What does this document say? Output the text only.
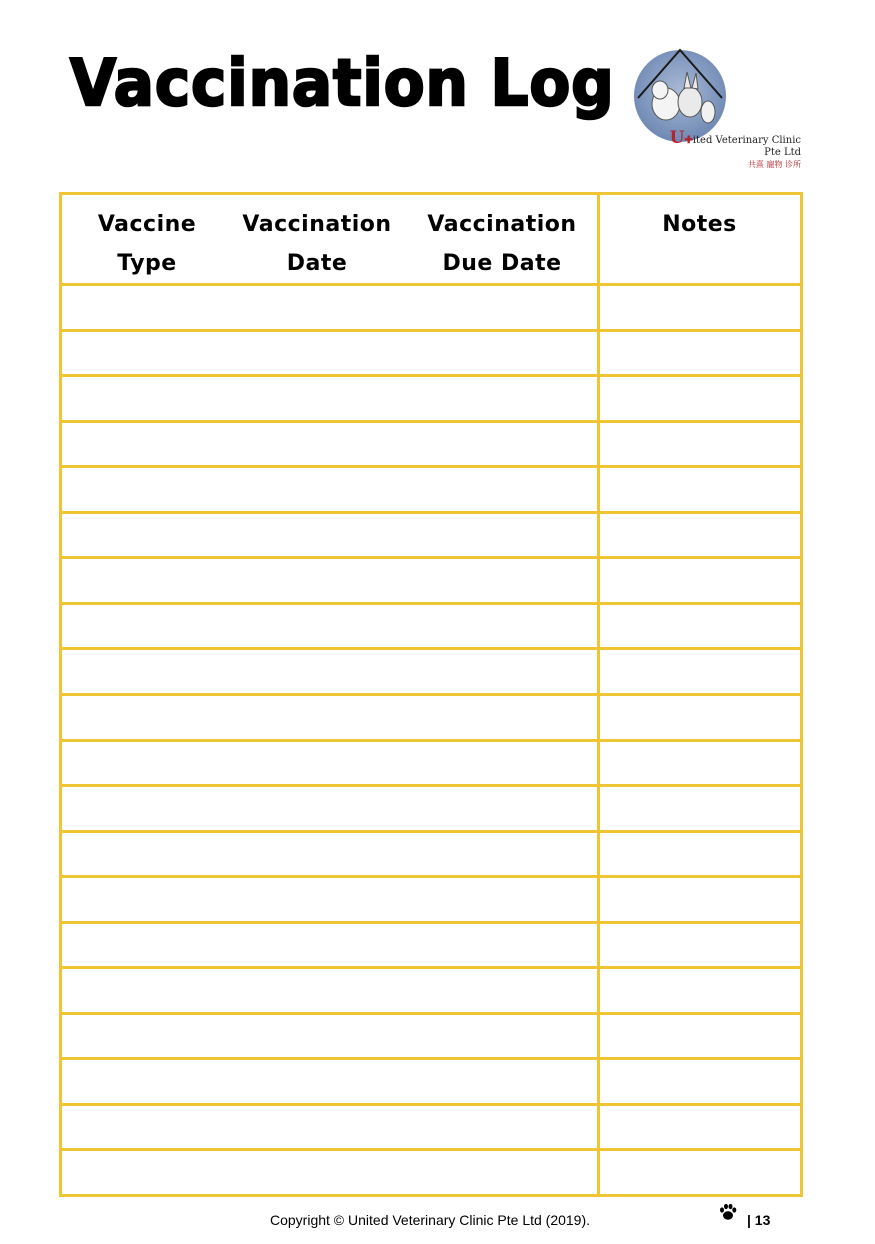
Vaccination Log
U✚ited Veterinary Clinic
Pte Ltd
共熹 寵物 诊所
Vaccine
Type
Vaccination
Date
Vaccination
Due Date
Notes
Copyright © United Veterinary Clinic Pte Ltd (2019).	| 13
